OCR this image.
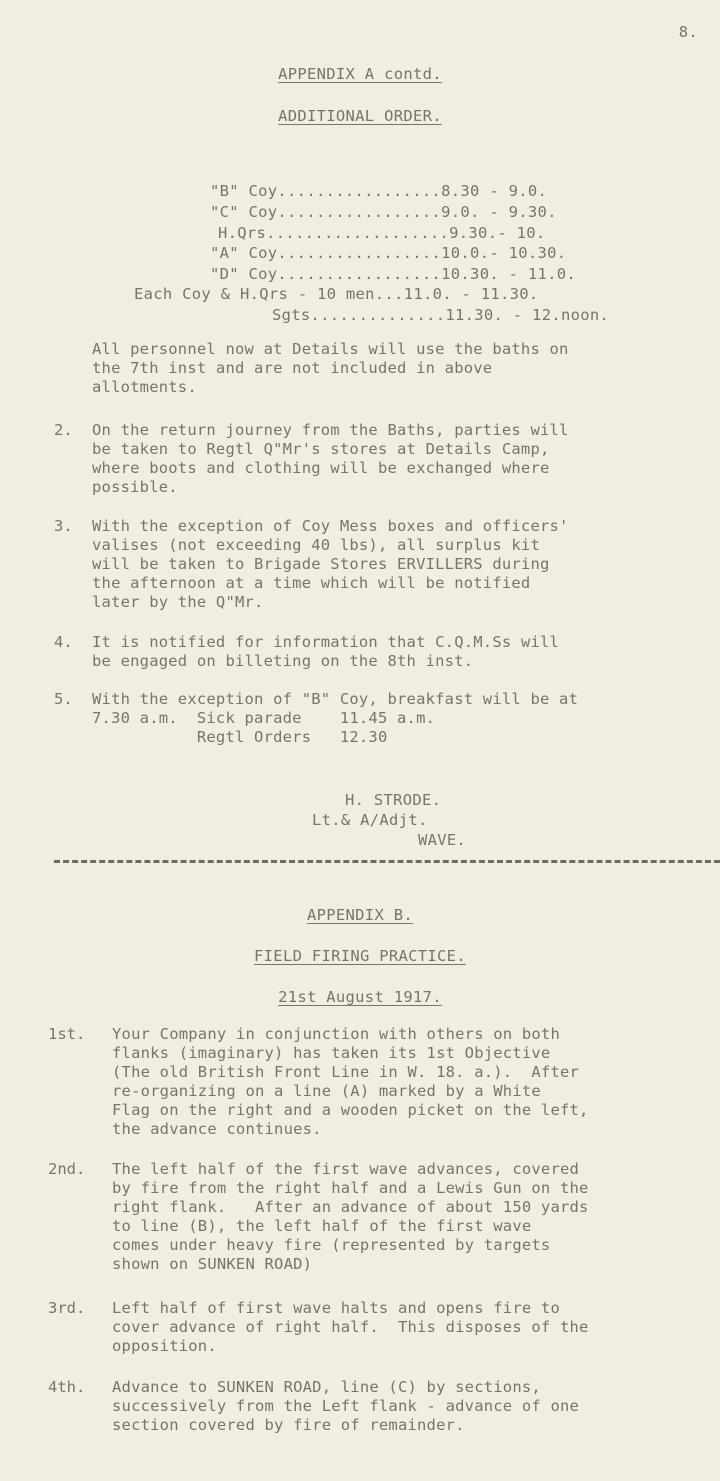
8.
APPENDIX A contd.
ADDITIONAL ORDER.
"B" Coy.................8.30 - 9.0.
"C" Coy.................9.0. - 9.30.
H.Qrs...................9.30.- 10.
"A" Coy.................10.0.- 10.30.
"D" Coy.................10.30. - 11.0.
Each Coy & H.Qrs - 10 men...11.0. - 11.30.
Sgts..............11.30. - 12.noon.
All personnel now at Details will use the baths on
the 7th inst and are not included in above
allotments.
2. On the return journey from the Baths, parties will
be taken to Regtl Q"Mr's stores at Details Camp,
where boots and clothing will be exchanged where
possible.
3. With the exception of Coy Mess boxes and officers'
valises (not exceeding 40 lbs), all surplus kit
will be taken to Brigade Stores ERVILLERS during
the afternoon at a time which will be notified
later by the Q"Mr.
4. It is notified for information that C.Q.M.Ss will
be engaged on billeting on the 8th inst.
5. With the exception of "B" Coy, breakfast will be at
7.30 a.m.  Sick parade    11.45 a.m.
Regtl Orders   12.30
H. STRODE.
Lt.& A/Adjt.
WAVE.
APPENDIX B.
FIELD FIRING PRACTICE.
21st August 1917.
1st. Your Company in conjunction with others on both
flanks (imaginary) has taken its 1st Objective
(The old British Front Line in W. 18. a.).  After
re-organizing on a line (A) marked by a White
Flag on the right and a wooden picket on the left,
the advance continues.
2nd. The left half of the first wave advances, covered
by fire from the right half and a Lewis Gun on the
right flank.   After an advance of about 150 yards
to line (B), the left half of the first wave
comes under heavy fire (represented by targets
shown on SUNKEN ROAD)
3rd. Left half of first wave halts and opens fire to
cover advance of right half.  This disposes of the
opposition.
4th. Advance to SUNKEN ROAD, line (C) by sections,
successively from the Left flank - advance of one
section covered by fire of remainder.
